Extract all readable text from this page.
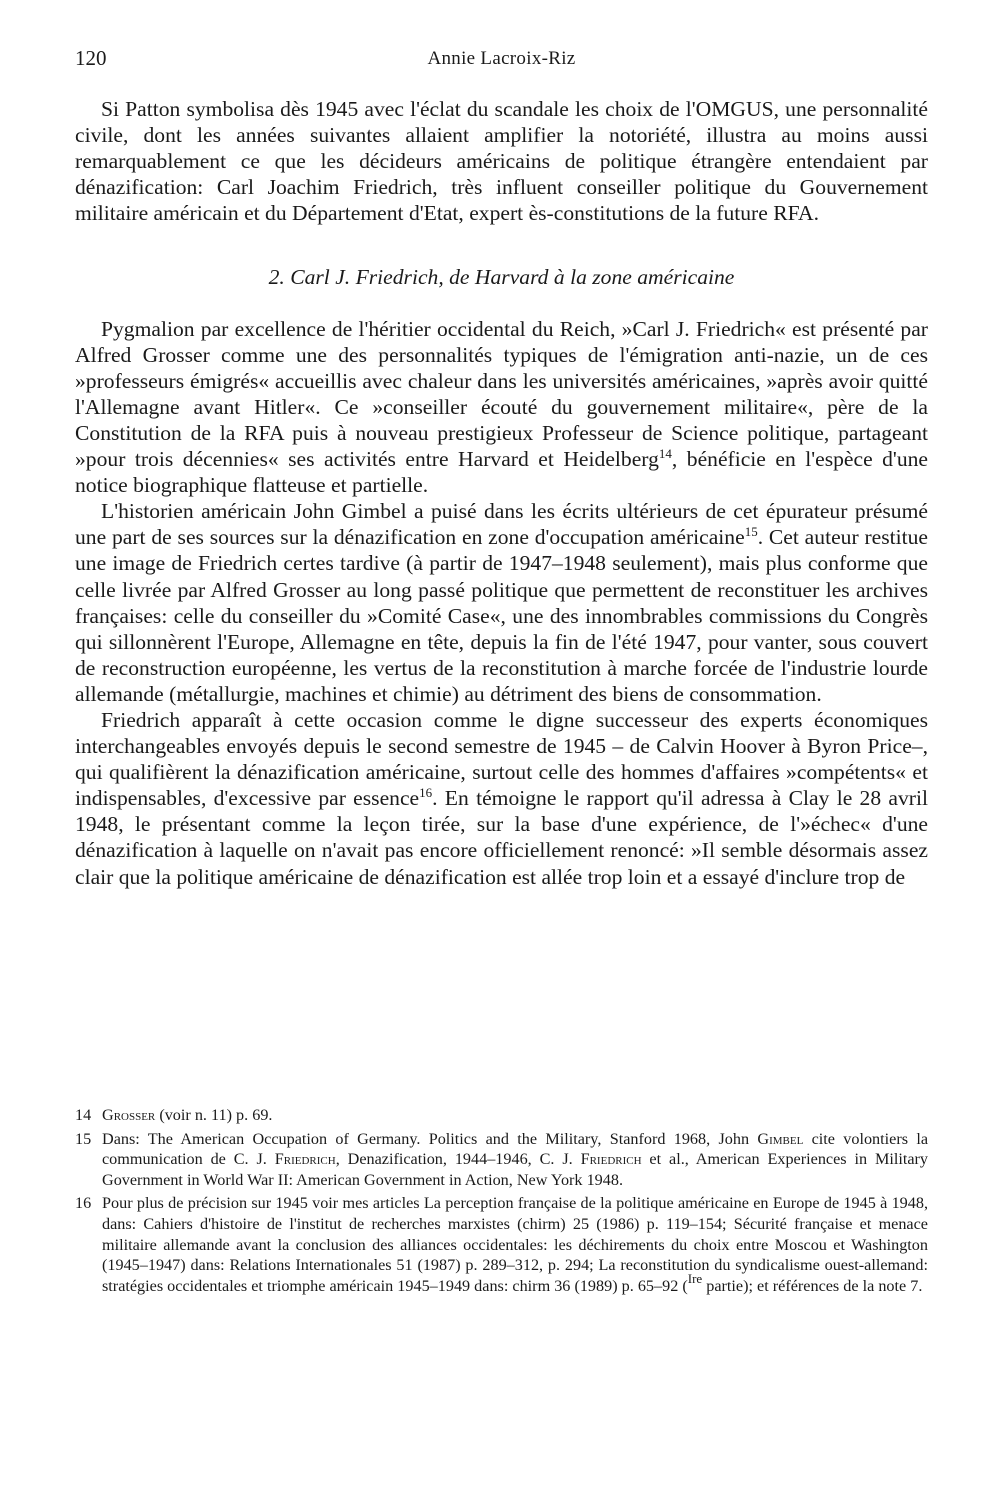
120	Annie Lacroix-Riz

Si Patton symbolisa dès 1945 avec l'éclat du scandale les choix de l'OMGUS, une personnalité civile, dont les années suivantes allaient amplifier la notoriété, illustra au moins aussi remarquablement ce que les décideurs américains de politique étrangère entendaient par dénazification: Carl Joachim Friedrich, très influent conseiller politique du Gouvernement militaire américain et du Département d'Etat, expert ès-constitutions de la future RFA.

2. Carl J. Friedrich, de Harvard à la zone américaine

Pygmalion par excellence de l'héritier occidental du Reich, »Carl J. Friedrich« est présenté par Alfred Grosser comme une des personnalités typiques de l'émigration anti-nazie, un de ces »professeurs émigrés« accueillis avec chaleur dans les universités américaines, »après avoir quitté l'Allemagne avant Hitler«. Ce »conseiller écouté du gouvernement militaire«, père de la Constitution de la RFA puis à nouveau prestigieux Professeur de Science politique, partageant »pour trois décennies« ses activités entre Harvard et Heidelberg$^{14}$, bénéficie en l'espèce d'une notice biographique flatteuse et partielle.

L'historien américain John Gimbel a puisé dans les écrits ultérieurs de cet épurateur présumé une part de ses sources sur la dénazification en zone d'occupation américaine$^{15}$. Cet auteur restitue une image de Friedrich certes tardive (à partir de 1947–1948 seulement), mais plus conforme que celle livrée par Alfred Grosser au long passé politique que permettent de reconstituer les archives françaises: celle du conseiller du »Comité Case«, une des innombrables commissions du Congrès qui sillonnèrent l'Europe, Allemagne en tête, depuis la fin de l'été 1947, pour vanter, sous couvert de reconstruction européenne, les vertus de la reconstitution à marche forcée de l'industrie lourde allemande (métallurgie, machines et chimie) au détriment des biens de consommation.

Friedrich apparaît à cette occasion comme le digne successeur des experts économiques interchangeables envoyés depuis le second semestre de 1945 – de Calvin Hoover à Byron Price–, qui qualifièrent la dénazification américaine, surtout celle des hommes d'affaires »compétents« et indispensables, d'excessive par essence$^{16}$. En témoigne le rapport qu'il adressa à Clay le 28 avril 1948, le présentant comme la leçon tirée, sur la base d'une expérience, de l'»échec« d'une dénazification à laquelle on n'avait pas encore officiellement renoncé: »Il semble désormais assez clair que la politique américaine de dénazification est allée trop loin et a essayé d'inclure trop de

14 Grosser (voir n. 11) p. 69.
15 Dans: The American Occupation of Germany. Politics and the Military, Stanford 1968, John Gimbel cite volontiers la communication de C. J. Friedrich, Denazification, 1944–1946, C. J. Friedrich et al., American Experiences in Military Government in World War II: American Government in Action, New York 1948.
16 Pour plus de précision sur 1945 voir mes articles La perception française de la politique américaine en Europe de 1945 à 1948, dans: Cahiers d'histoire de l'institut de recherches marxistes (chirm) 25 (1986) p. 119–154; Sécurité française et menace militaire allemande avant la conclusion des alliances occidentales: les déchirements du choix entre Moscou et Washington (1945–1947) dans: Relations Internationales 51 (1987) p. 289–312, p. 294; La reconstitution du syndicalisme ouest-allemand: stratégies occidentales et triomphe américain 1945–1949 dans: chirm 36 (1989) p. 65–92 ($^{Ire}$ partie); et références de la note 7.
